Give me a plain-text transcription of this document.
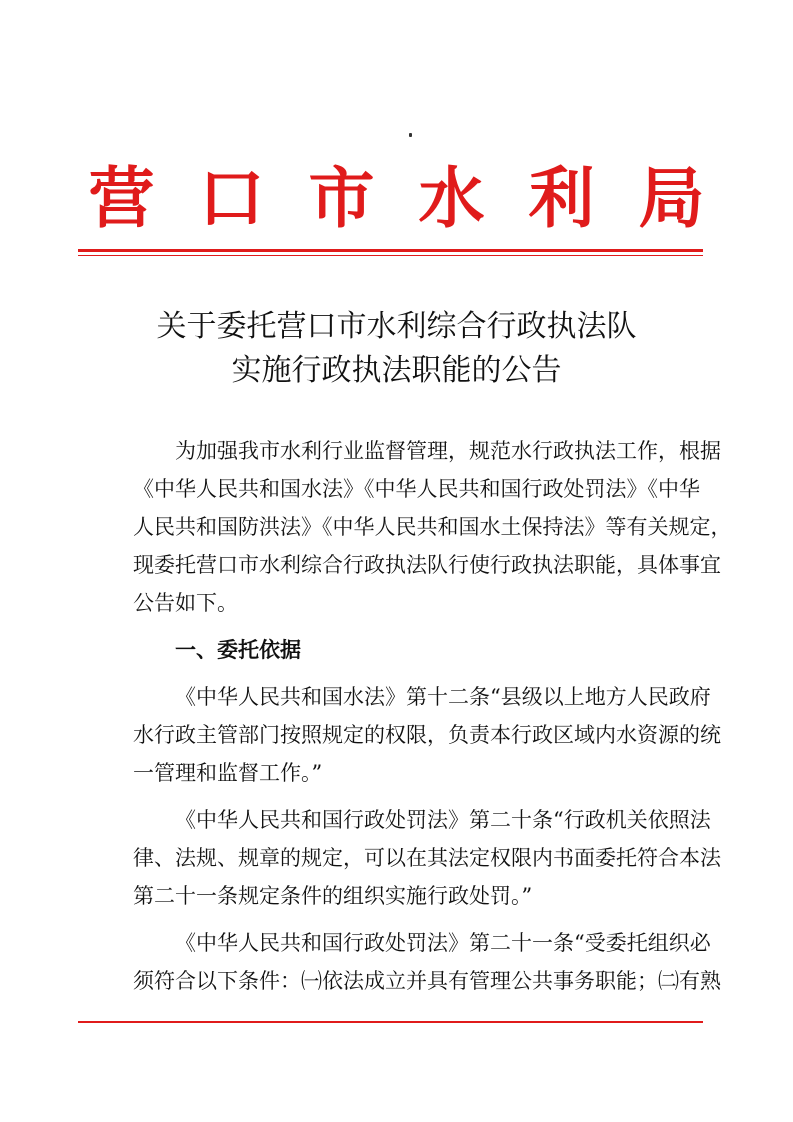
营口市水利局
关于委托营口市水利综合行政执法队
实施行政执法职能的公告
为加强我市水利行业监督管理，规范水行政执法工作，根据
《中华人民共和国水法》《中华人民共和国行政处罚法》《中华
人民共和国防洪法》《中华人民共和国水土保持法》等有关规定，
现委托营口市水利综合行政执法队行使行政执法职能，具体事宜
公告如下。
一、委托依据
《中华人民共和国水法》第十二条“县级以上地方人民政府
水行政主管部门按照规定的权限，负责本行政区域内水资源的统
一管理和监督工作。”
《中华人民共和国行政处罚法》第二十条“行政机关依照法
律、法规、规章的规定，可以在其法定权限内书面委托符合本法
第二十一条规定条件的组织实施行政处罚。”
《中华人民共和国行政处罚法》第二十一条“受委托组织必
须符合以下条件：㈠依法成立并具有管理公共事务职能；㈡有熟
